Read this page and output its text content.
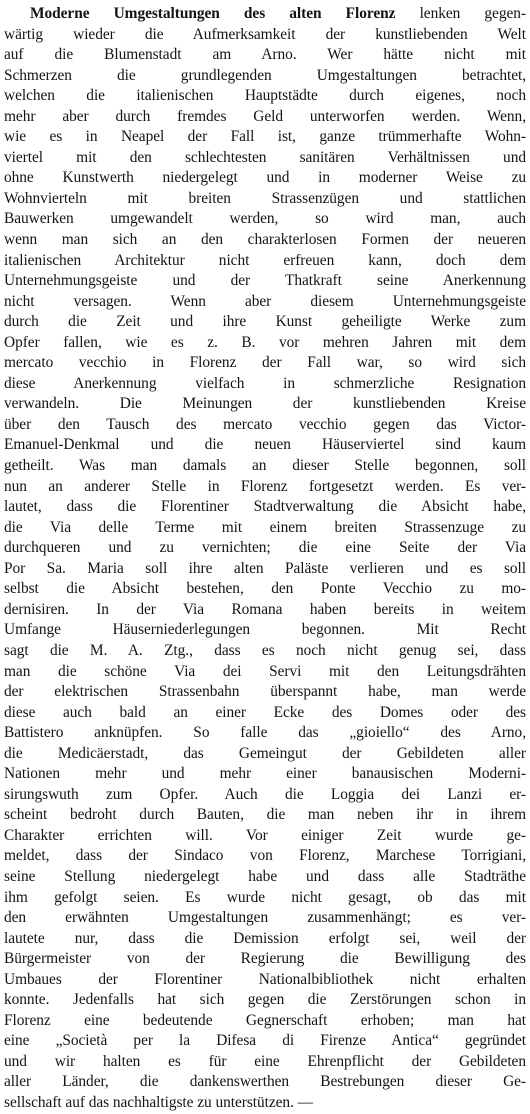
Moderne Umgestaltungen des alten Florenz lenken gegen-
wärtig wieder die Aufmerksamkeit der kunstliebenden Welt
auf die Blumenstadt am Arno. Wer hätte nicht mit
Schmerzen die grundlegenden Umgestaltungen betrachtet,
welchen die italienischen Hauptstädte durch eigenes, noch
mehr aber durch fremdes Geld unterworfen werden. Wenn,
wie es in Neapel der Fall ist, ganze trümmerhafte Wohn-
viertel mit den schlechtesten sanitären Verhältnissen und
ohne Kunstwerth niedergelegt und in moderner Weise zu
Wohnvierteln mit breiten Strassenzügen und stattlichen
Bauwerken umgewandelt werden, so wird man, auch
wenn man sich an den charakterlosen Formen der neueren
italienischen Architektur nicht erfreuen kann, doch dem
Unternehmungsgeiste und der Thatkraft seine Anerkennung
nicht versagen. Wenn aber diesem Unternehmungsgeiste
durch die Zeit und ihre Kunst geheiligte Werke zum
Opfer fallen, wie es z. B. vor mehren Jahren mit dem
mercato vecchio in Florenz der Fall war, so wird sich
diese Anerkennung vielfach in schmerzliche Resignation
verwandeln. Die Meinungen der kunstliebenden Kreise
über den Tausch des mercato vecchio gegen das Victor-
Emanuel-Denkmal und die neuen Häuserviertel sind kaum
getheilt. Was man damals an dieser Stelle begonnen, soll
nun an anderer Stelle in Florenz fortgesetzt werden. Es ver-
lautet, dass die Florentiner Stadtverwaltung die Absicht habe,
die Via delle Terme mit einem breiten Strassenzuge zu
durchqueren und zu vernichten; die eine Seite der Via
Por Sa. Maria soll ihre alten Paläste verlieren und es soll
selbst die Absicht bestehen, den Ponte Vecchio zu mo-
dernisiren. In der Via Romana haben bereits in weitem
Umfange Häuserniederlegungen begonnen. Mit Recht
sagt die M. A. Ztg., dass es noch nicht genug sei, dass
man die schöne Via dei Servi mit den Leitungsdrähten
der elektrischen Strassenbahn überspannt habe, man werde
diese auch bald an einer Ecke des Domes oder des
Battistero anknüpfen. So falle das „gioiello“ des Arno,
die Medicäerstadt, das Gemeingut der Gebildeten aller
Nationen mehr und mehr einer banausischen Moderni-
sirungswuth zum Opfer. Auch die Loggia dei Lanzi er-
scheint bedroht durch Bauten, die man neben ihr in ihrem
Charakter errichten will. Vor einiger Zeit wurde ge-
meldet, dass der Sindaco von Florenz, Marchese Torrigiani,
seine Stellung niedergelegt habe und dass alle Stadträthe
ihm gefolgt seien. Es wurde nicht gesagt, ob das mit
den erwähnten Umgestaltungen zusammenhängt; es ver-
lautete nur, dass die Demission erfolgt sei, weil der
Bürgermeister von der Regierung die Bewilligung des
Umbaues der Florentiner Nationalbibliothek nicht erhalten
konnte. Jedenfalls hat sich gegen die Zerstörungen schon in
Florenz eine bedeutende Gegnerschaft erhoben; man hat
eine „Società per la Difesa di Firenze Antica“ gegründet
und wir halten es für eine Ehrenpflicht der Gebildeten
aller Länder, die dankenswerthen Bestrebungen dieser Ge-
sellschaft auf das nachhaltigste zu unterstützen. —
